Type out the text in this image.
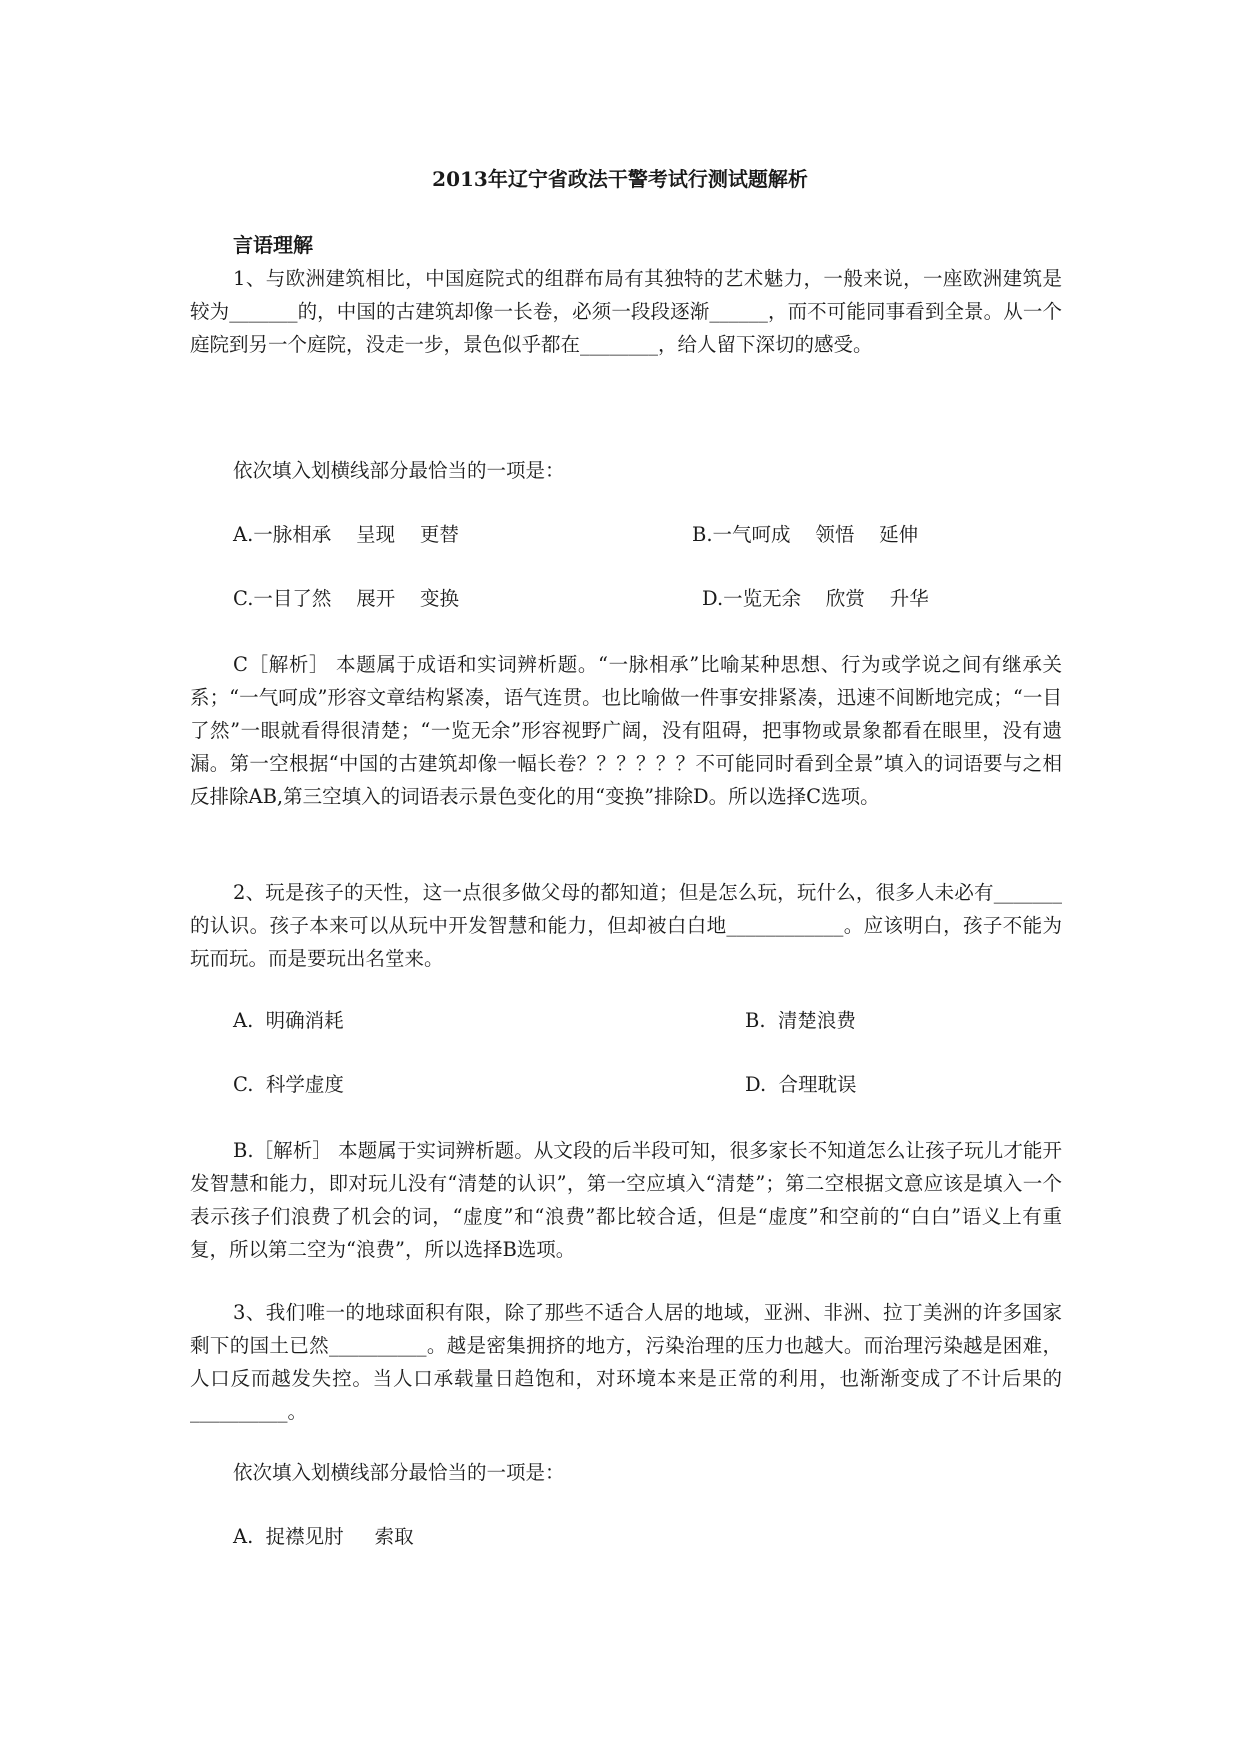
2013年辽宁省政法干警考试行测试题解析
言语理解
1、与欧洲建筑相比，中国庭院式的组群布局有其独特的艺术魅力，一般来说，一座欧洲建筑是较为_______的，中国的古建筑却像一长卷，必须一段段逐渐______，而不可能同事看到全景。从一个庭院到另一个庭院，没走一步，景色似乎都在________，给人留下深切的感受。
依次填入划横线部分最恰当的一项是：
A.一脉相承    呈现    更替	B.一气呵成    领悟    延伸
C.一目了然    展开    变换	D.一览无余    欣赏    升华
C［解析］ 本题属于成语和实词辨析题。“一脉相承”比喻某种思想、行为或学说之间有继承关系；“一气呵成”形容文章结构紧凑，语气连贯。也比喻做一件事安排紧凑，迅速不间断地完成；“一目了然”一眼就看得很清楚；“一览无余”形容视野广阔，没有阻碍，把事物或景象都看在眼里，没有遗漏。第一空根据“中国的古建筑却像一幅长卷？？？？？？不可能同时看到全景”填入的词语要与之相反排除AB,第三空填入的词语表示景色变化的用“变换”排除D。所以选择C选项。
2、玩是孩子的天性，这一点很多做父母的都知道；但是怎么玩，玩什么，很多人未必有_______的认识。孩子本来可以从玩中开发智慧和能力，但却被白白地____________。应该明白，孩子不能为玩而玩。而是要玩出名堂来。
A.  明确消耗	B.  清楚浪费
C.  科学虚度	D.  合理耽误
B.［解析］ 本题属于实词辨析题。从文段的后半段可知，很多家长不知道怎么让孩子玩儿才能开发智慧和能力，即对玩儿没有“清楚的认识”，第一空应填入“清楚”；第二空根据文意应该是填入一个表示孩子们浪费了机会的词，“虚度”和“浪费”都比较合适，但是“虚度”和空前的“白白”语义上有重复，所以第二空为“浪费”，所以选择B选项。
3、我们唯一的地球面积有限，除了那些不适合人居的地域，亚洲、非洲、拉丁美洲的许多国家剩下的国土已然__________。越是密集拥挤的地方，污染治理的压力也越大。而治理污染越是困难，人口反而越发失控。当人口承载量日趋饱和，对环境本来是正常的利用，也渐渐变成了不计后果的__________。
依次填入划横线部分最恰当的一项是：
A.  捉襟见肘     索取
